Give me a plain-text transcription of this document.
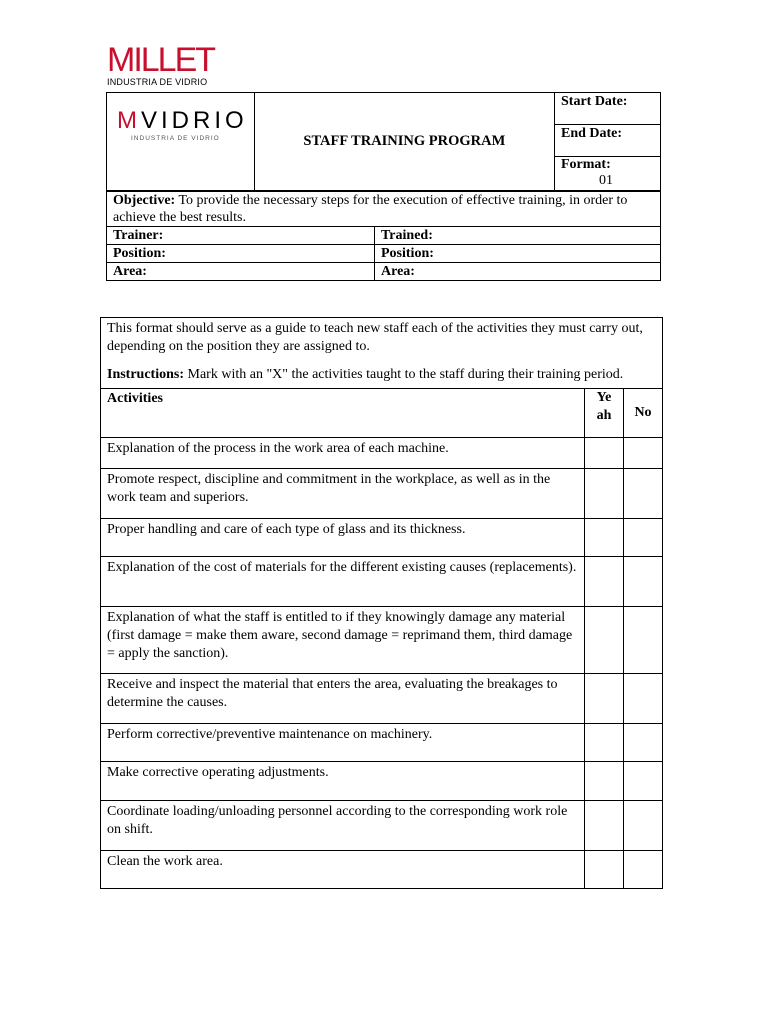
MILLET
INDUSTRIA DE VIDRIO
MVIDRIO
INDUSTRIA DE VIDRIO	STAFF TRAINING PROGRAM	Start Date:
End Date:

Format:
01
Objective: To provide the necessary steps for the execution of effective training, in order to achieve the best results.	
Trainer:	Trained:
Position:	Position:
Area:	Area:

This format should serve as a guide to teach new staff each of the activities they must carry out, depending on the position they are assigned to.

Instructions: Mark with an "X" the activities taught to the staff during their training period.		

Activities	Ye ah	No
Explanation of the process in the work area of each machine.		
Promote respect, discipline and commitment in the workplace, as well as in the work team and superiors.		
Proper handling and care of each type of glass and its thickness.		
Explanation of the cost of materials for the different existing causes (replacements).		
Explanation of what the staff is entitled to if they knowingly damage any material (first damage = make them aware, second damage = reprimand them, third damage = apply the sanction).		
Receive and inspect the material that enters the area, evaluating the breakages to determine the causes.		
Perform corrective/preventive maintenance on machinery.		
Make corrective operating adjustments.		
Coordinate loading/unloading personnel according to the corresponding work role on shift.		
Clean the work area.		
